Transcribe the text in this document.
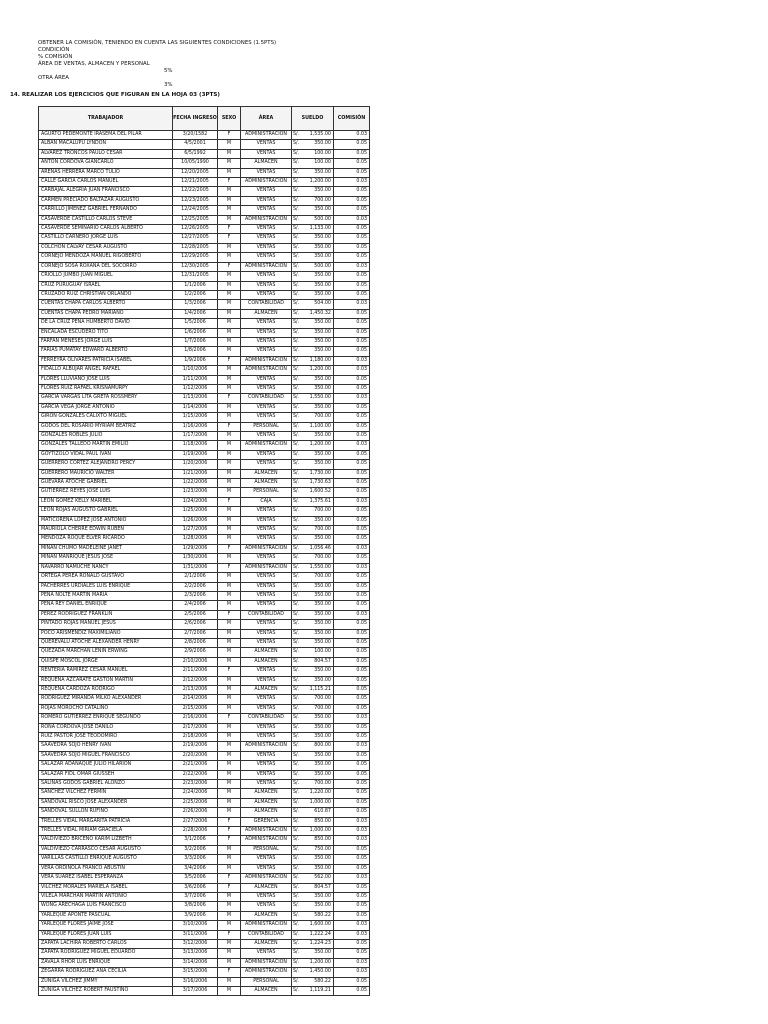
OBTENER LA COMISIÓN, TENIENDO EN CUENTA LAS SIGUIENTES CONDICIONES (1.5PTS)
CONDICIÓN
% COMISIÓN
ÁREA DE VENTAS, ALMACEN Y PERSONAL
5%
OTRA ÁREA
3%
14. REALIZAR LOS EJERCICIOS QUE FIGURAN EN LA HOJA 03 (3PTS)
TRABAJADOR	FECHA INGRESO	SEXO	ÁREA	SUELDO		COMISIÓN
AGURTO PEDEMONTE IRASEMA DEL PILAR	3/20/1582	F	ADMINISTRACIÓN	S/.	1,535.00	0.03
ALBAN MACALUPU LYNDON	4/5/2001	M	VENTAS	S/.	350.00	0.05
ALVAREZ TRONCOS PAULO CESAR	6/5/1992	M	VENTAS	S/.	100.00	0.05
ANTON CORDOVA GIANCARLO	10/05/1990	M	ALMACEN	S/.	100.00	0.05
ARENAS HERRERA MARCO TULIO	12/20/2005	M	VENTAS	S/.	350.00	0.05
CALLE GARCIA CARLOS MANUEL	12/21/2005	F	ADMINISTRACIÓN	S/.	1,200.00	0.03
CARBAJAL ALEGRIA JUAN FRANCISCO	12/22/2005	M	VENTAS	S/.	350.00	0.05
CARMEN PRECIADO BALTAZAR AUGUSTO	12/23/2005	M	VENTAS	S/.	700.00	0.05
CARRILLO JIMENEZ GABRIEL FERNANDO	12/24/2005	M	VENTAS	S/.	350.00	0.05
CASAVERDE CASTILLO CARLOS STEVE	12/25/2005	M	ADMINISTRACIÓN	S/.	500.00	0.03
CASAVERDE SEMINARIO CARLOS ALBERTO	12/26/2005	F	VENTAS	S/.	1,133.00	0.05
CASTILLO CARNERO JORGE LUIS	12/27/2005	F	VENTAS	S/.	350.00	0.05
COLCHON CALVAY CESAR AUGUSTO	12/28/2005	M	VENTAS	S/.	350.00	0.05
CORNEJO MENDOZA MANUEL RIGOBERTO	12/29/2005	M	VENTAS	S/.	350.00	0.05
CORNEJO SOSA ROXANA DEL SOCORRO	12/30/2005	F	ADMINISTRACIÓN	S/.	500.00	0.03
CRIOLLO JUMBO JUAN MIGUEL	12/31/2005	M	VENTAS	S/.	350.00	0.05
CRUZ PURUGUAY ISRAEL	1/1/2006	M	VENTAS	S/.	350.00	0.05
CRUZADO RUIZ CHRISTIAN ORLANDO	1/2/2006	M	VENTAS	S/.	350.00	0.05
CUENTAS CHAPA CARLOS ALBERTO	1/3/2006	M	CONTABILIDAD	S/.	504.00	0.03
CUENTAS CHAPA PEDRO MARIANO	1/4/2006	M	ALMACEN	S/.	1,450.32	0.05
DE LA CRUZ PEÑA HUMBERTO DAVID	1/5/2006	M	VENTAS	S/.	350.00	0.05
ENCALADA ESCUDERO TITO	1/6/2006	M	VENTAS	S/.	350.00	0.05
FARFAN MENESES JORGE LUIS	1/7/2006	M	VENTAS	S/.	350.00	0.05
FARIAS PUMATAY EDWARD ALBERTO	1/8/2006	M	VENTAS	S/.	350.00	0.05
FERREYRA OLIVARES PATRICIA ISABEL	1/9/2006	F	ADMINISTRACIÓN	S/.	1,180.00	0.03
FIDALLO ALBUJAR ANGEL RAFAEL	1/10/2006	M	ADMINISTRACIÓN	S/.	1,200.00	0.03
FLORES LLUVIANO JOSE LUIS	1/11/2006	M	VENTAS	S/.	350.00	0.05
FLORES RUIZ RAFAEL KRISNAMURPY	1/12/2006	M	VENTAS	S/.	350.00	0.05
GARCIA VARGAS LITA GRETA ROSSMERY	1/13/2006	F	CONTABILIDAD	S/.	1,550.00	0.03
GARCIA VEGA JORGE ANTONIO	1/14/2006	M	VENTAS	S/.	350.00	0.05
GIRON GONZALES CALIXTO MIGUEL	1/15/2006	M	VENTAS	S/.	700.00	0.05
GODOS DEL ROSARIO MYRIAM BEATRIZ	1/16/2006	F	PERSONAL	S/.	1,100.00	0.05
GONZALES ROBLES JULIO	1/17/2006	M	VENTAS	S/.	350.00	0.05
GONZALES TALLEDO MARTIN EMILIO	1/18/2006	M	ADMINISTRACIÓN	S/.	1,200.00	0.03
GOYTIZOLO VIDAL PAUL IVAN	1/19/2006	M	VENTAS	S/.	350.00	0.05
GUERRERO CORTEZ ALEJANDRO PERCY	1/20/2006	M	VENTAS	S/.	350.00	0.05
GUERRERO MAURICIO WALTER	1/21/2006	M	ALMACEN	S/.	1,730.00	0.05
GUEVARA ATOCHE GABRIEL	1/22/2006	M	ALMACEN	S/.	1,730.63	0.05
GUTIERREZ REYES JOSE LUIS	1/23/2006	M	PERSONAL	S/.	1,600.52	0.05
LEON GOMEZ KELLY MARIBEL	1/24/2006	F	CAJA	S/.	1,375.61	0.03
LEON ROJAS AUGUSTO GABRIEL	1/25/2006	M	VENTAS	S/.	700.00	0.05
MATICORENA LOPEZ JOSE ANTONIO	1/26/2006	M	VENTAS	S/.	350.00	0.05
MAURIOLA CHERRE EDWIN RUBEN	1/27/2006	M	VENTAS	S/.	700.00	0.05
MENDOZA ROQUE ELVER RICARDO	1/28/2006	M	VENTAS	S/.	350.00	0.05
MIÑAN CHUMO MADELEINE JANET	1/29/2006	F	ADMINISTRACIÓN	S/.	1,056.46	0.03
MIÑAN MANRIQUE JESUS JOSE	1/30/2006	M	VENTAS	S/.	700.00	0.05
NAVARRO NAMUCHE NANCY	1/31/2006	F	ADMINISTRACIÓN	S/.	1,550.00	0.03
ORTEGA PEREA RONALD GUSTAVO	2/1/2006	M	VENTAS	S/.	700.00	0.05
PACHERRES URDIALES LUIS ENRIQUE	2/2/2006	M	VENTAS	S/.	350.00	0.05
PEÑA NOLTE MARTIN MARIA	2/3/2006	M	VENTAS	S/.	350.00	0.05
PEÑA REY DANIEL ENRIQUE	2/4/2006	M	VENTAS	S/.	350.00	0.05
PEREZ RODRIGUEZ FRANKLIN	2/5/2006	F	CONTABILIDAD	S/.	350.00	0.03
PINTADO ROJAS MANUEL JESUS	2/6/2006	M	VENTAS	S/.	350.00	0.05
POCO ARISMENDIZ MAXIMILIANO	2/7/2006	M	VENTAS	S/.	350.00	0.05
QUEREVALU ATOCHE ALEXANDER HENRY	2/8/2006	M	VENTAS	S/.	350.00	0.05
QUEZADA MARCHAN LENIN ERWING	2/9/2006	M	ALMACEN	S/.	100.00	0.05
QUISPE MOSCOL JORGE	2/10/2006	M	ALMACEN	S/.	804.57	0.05
RENTERIA RAMIREZ CESAR MANUEL	2/11/2006	F	VENTAS	S/.	350.00	0.05
REQUENA AZCARATE GASTON MARTIN	2/12/2006	M	VENTAS	S/.	350.00	0.05
REQUENA CARDOZA RODRIGO	2/13/2006	M	ALMACEN	S/.	1,115.21	0.05
RODRIGUEZ MIRANDA MILKO ALEXANDER	2/14/2006	M	VENTAS	S/.	700.00	0.05
ROJAS MOROCHO CATALINO	2/15/2006	M	VENTAS	S/.	700.00	0.05
ROMERO GUTIERREZ ENRIQUE SEGUNDO	2/16/2006	F	CONTABILIDAD	S/.	350.00	0.03
ROÑA CORDOVA JOSE DANILO	2/17/2006	M	VENTAS	S/.	350.00	0.05
RUIZ PASTOR JOSE TEODOMIRO	2/18/2006	M	VENTAS	S/.	350.00	0.05
SAAVEDRA SOJO HENRY IVAN	2/19/2006	M	ADMINISTRACIÓN	S/.	800.00	0.03
SAAVEDRA SOJO MIGUEL FRANCISCO	2/20/2006	M	VENTAS	S/.	350.00	0.05
SALAZAR ADANAQUE JULIO HILARION	2/21/2006	M	VENTAS	S/.	350.00	0.05
SALAZAR FIDL OMAR GIUSSEH	2/22/2006	M	VENTAS	S/.	350.00	0.05
SALINAS GODOS GABRIEL ALONZO	2/23/2006	M	VENTAS	S/.	700.00	0.05
SANCHEZ VILCHEZ FERMIN	2/24/2006	M	ALMACEN	S/.	1,220.00	0.05
SANDOVAL RISCO JOSE ALEXANDER	2/25/2006	M	ALMACEN	S/.	1,000.00	0.05
SANDOVAL SULLON RUFINO	2/26/2006	M	ALMACEN	S/.	610.87	0.05
TRELLES VIDAL MARGARITA PATRICIA	2/27/2006	F	GERENCIA	S/.	850.00	0.03
TRELLES VIDAL MIRIAM GRACIELA	2/28/2006	F	ADMINISTRACIÓN	S/.	1,000.00	0.03
VALDIVIEZO BRICEÑO KARIM LIZBETH	3/1/2006	F	ADMINISTRACIÓN	S/.	850.00	0.03
VALDIVIEZO CARRASCO CESAR AUGUSTO	3/2/2006	M	PERSONAL	S/.	750.00	0.05
VARILLAS CASTILLO ENRIQUE AUGUSTO	3/3/2006	M	VENTAS	S/.	350.00	0.05
VERA ORDINOLA FRANCO ABUSTIN	3/4/2006	M	VENTAS	S/.	350.00	0.05
VERA SUAREZ ISABEL ESPERANZA	3/5/2006	F	ADMINISTRACIÓN	S/.	562.00	0.03
VILCHEZ MORALES MARIELA ISABEL	3/6/2006	F	ALMACEN	S/.	804.57	0.05
VILELA MARCHAN MARTIN ANTONIO	3/7/2006	M	VENTAS	S/.	350.00	0.05
WONG ARECHAGA LUIS FRANCISCO	3/8/2006	M	VENTAS	S/.	350.00	0.05
YARLEQUE APONTE PASCUAL	3/9/2006	M	ALMACEN	S/.	580.22	0.05
YARLEQUE FLORES JAIME JOSE	3/10/2006	M	ADMINISTRACIÓN	S/.	1,600.00	0.03
YARLEQUE FLORES JUAN LUIS	3/11/2006	F	CONTABILIDAD	S/.	1,222.24	0.03
ZAPATA LACHIRA ROBERTO CARLOS	3/12/2006	M	ALMACEN	S/.	1,224.23	0.05
ZAPATA RODRIGUEZ MIGUEL EDUARDO	3/13/2006	M	VENTAS	S/.	350.00	0.05
ZAVALA RHOR LUIS ENRIQUE	3/14/2006	M	ADMINISTRACIÓN	S/.	1,200.00	0.03
ZEGARRA RODRIGUEZ ANA CECILIA	3/15/2006	F	ADMINISTRACIÓN	S/.	1,450.00	0.03
ZUÑIGA VILCHEZ JIMMY	3/16/2006	M	PERSONAL	S/.	580.22	0.05
ZUÑIGA VILCHEZ ROBERT FAUSTINO	3/17/2006	M	ALMACEN	S/.	1,119.21	0.05
